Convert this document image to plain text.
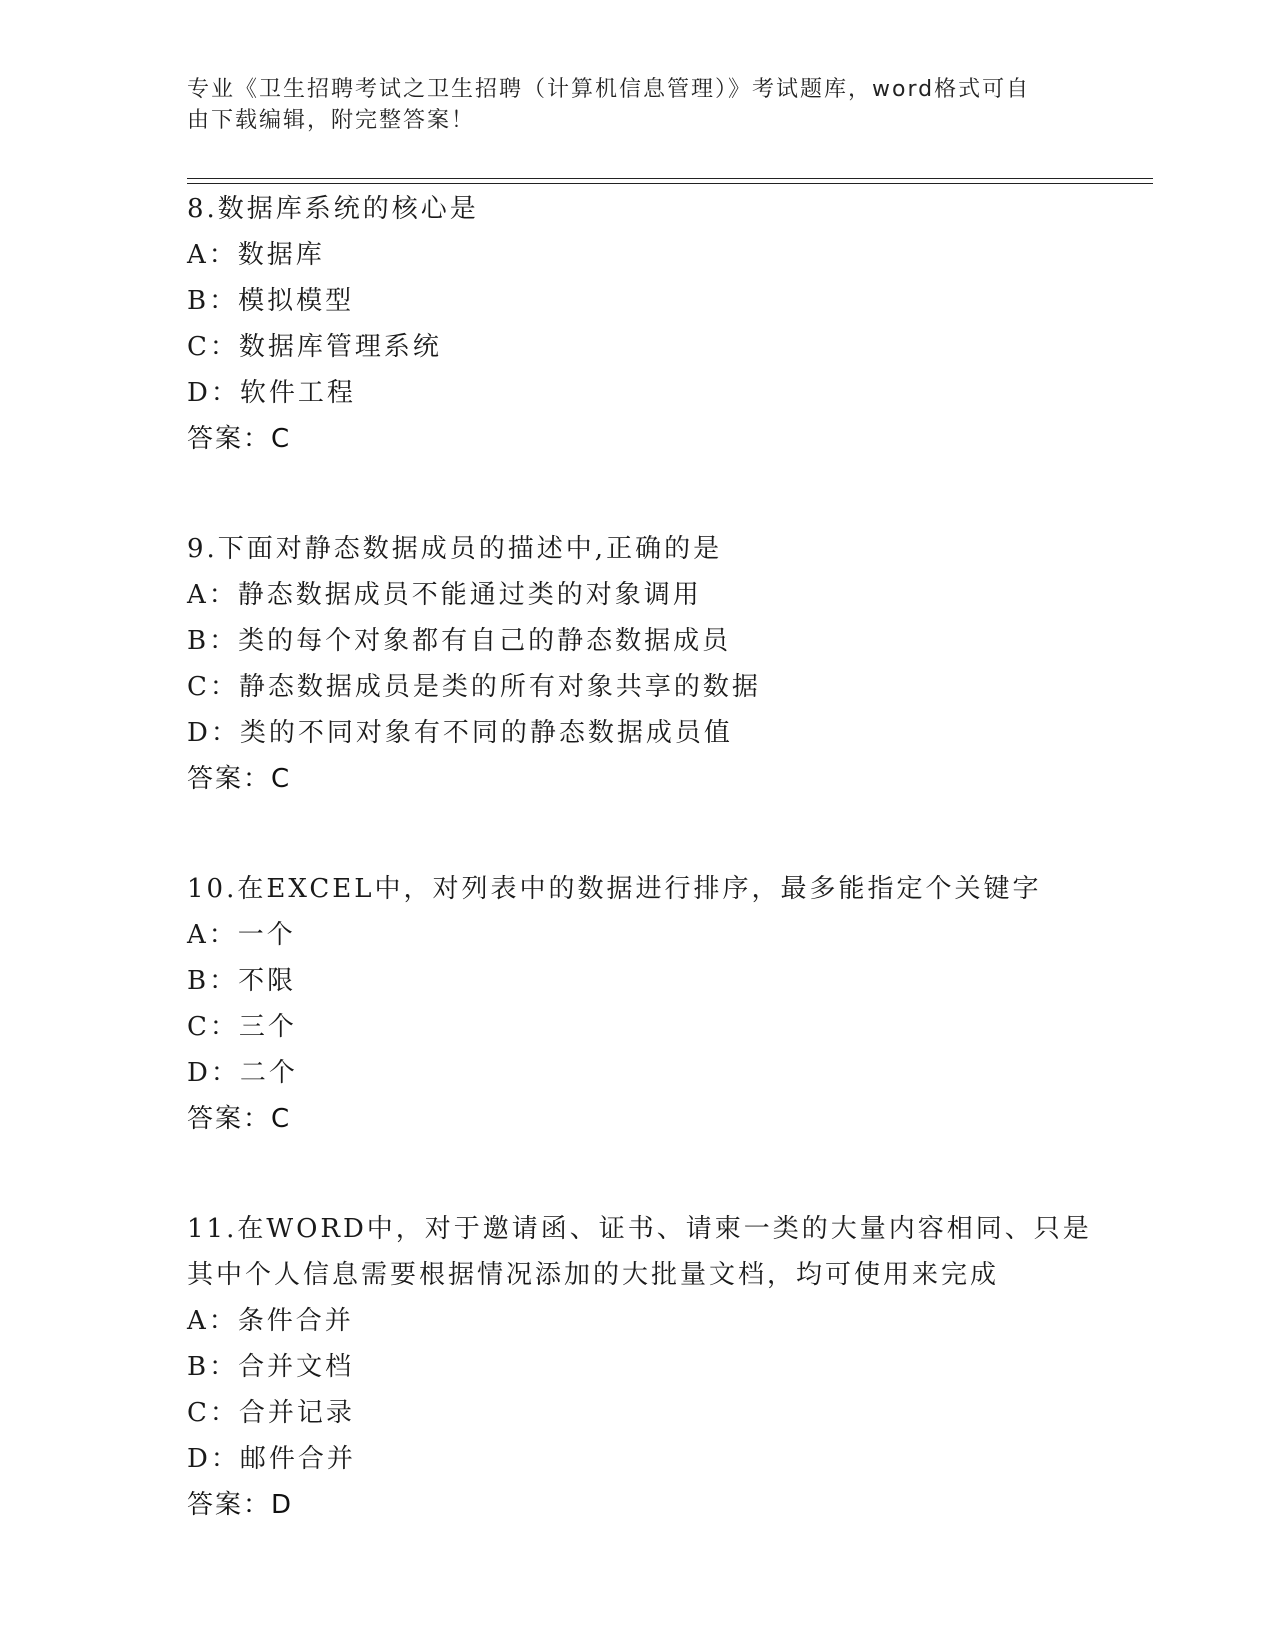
专业《卫生招聘考试之卫生招聘（计算机信息管理）》考试题库，word格式可自
由下载编辑，附完整答案！
8.数据库系统的核心是
A：数据库
B：模拟模型
C：数据库管理系统
D：软件工程
答案：C
9.下面对静态数据成员的描述中,正确的是
A：静态数据成员不能通过类的对象调用
B：类的每个对象都有自己的静态数据成员
C：静态数据成员是类的所有对象共享的数据
D：类的不同对象有不同的静态数据成员值
答案：C
10.在EXCEL中，对列表中的数据进行排序，最多能指定个关键字
A：一个
B：不限
C：三个
D：二个
答案：C
11.在WORD中，对于邀请函、证书、请柬一类的大量内容相同、只是
其中个人信息需要根据情况添加的大批量文档，均可使用来完成
A：条件合并
B：合并文档
C：合并记录
D：邮件合并
答案：D
